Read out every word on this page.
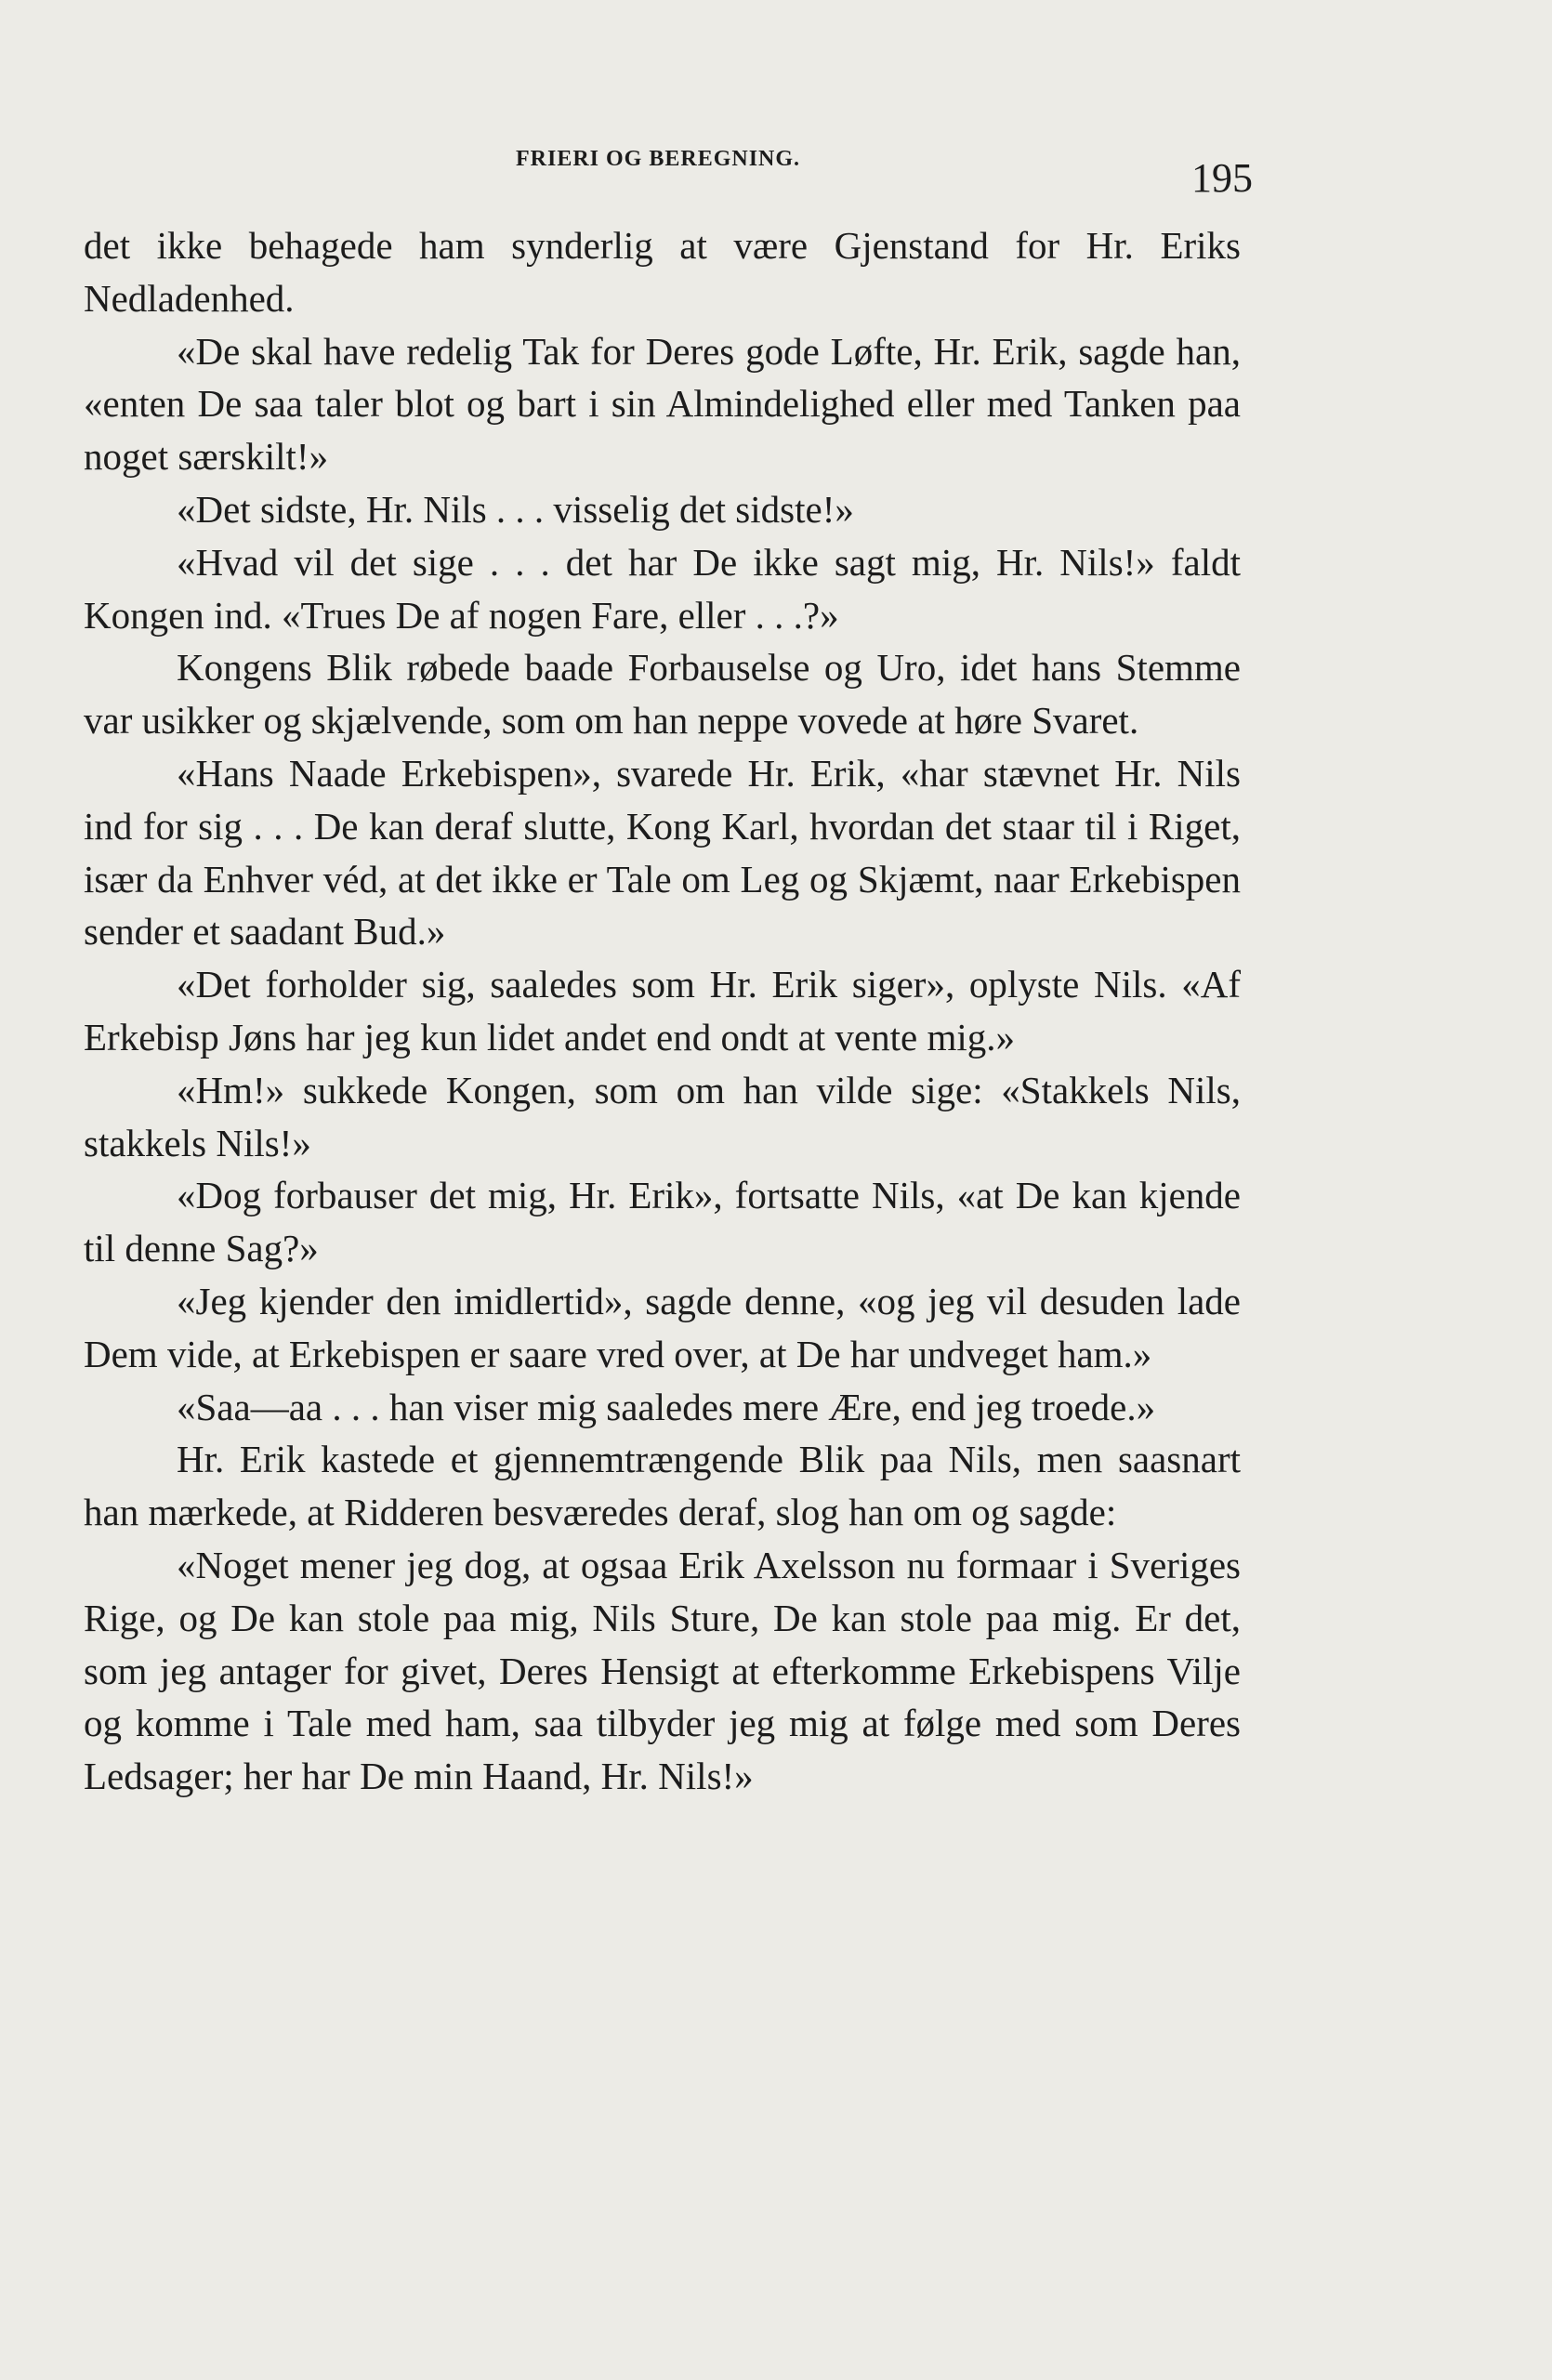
FRIERI OG BEREGNING.	195

det ikke behagede ham synderlig at være Gjenstand for Hr. Eriks Nedladenhed.

«De skal have redelig Tak for Deres gode Løfte, Hr. Erik, sagde han, «enten De saa taler blot og bart i sin Almindelighed eller med Tanken paa noget særskilt!»

«Det sidste, Hr. Nils . . . visselig det sidste!»

«Hvad vil det sige . . . det har De ikke sagt mig, Hr. Nils!» faldt Kongen ind. «Trues De af nogen Fare, eller . . .?»

Kongens Blik røbede baade Forbauselse og Uro, idet hans Stemme var usikker og skjælvende, som om han neppe vovede at høre Svaret.

«Hans Naade Erkebispen», svarede Hr. Erik, «har stævnet Hr. Nils ind for sig . . . De kan deraf slutte, Kong Karl, hvordan det staar til i Riget, især da Enhver véd, at det ikke er Tale om Leg og Skjæmt, naar Erkebispen sender et saadant Bud.»

«Det forholder sig, saaledes som Hr. Erik siger», oplyste Nils. «Af Erkebisp Jøns har jeg kun lidet andet end ondt at vente mig.»

«Hm!» sukkede Kongen, som om han vilde sige: «Stakkels Nils, stakkels Nils!»

«Dog forbauser det mig, Hr. Erik», fortsatte Nils, «at De kan kjende til denne Sag?»

«Jeg kjender den imidlertid», sagde denne, «og jeg vil desuden lade Dem vide, at Erkebispen er saare vred over, at De har undveget ham.»

«Saa—aa . . . han viser mig saaledes mere Ære, end jeg troede.»

Hr. Erik kastede et gjennemtrængende Blik paa Nils, men saasnart han mærkede, at Ridderen besværedes deraf, slog han om og sagde:

«Noget mener jeg dog, at ogsaa Erik Axelsson nu formaar i Sveriges Rige, og De kan stole paa mig, Nils Sture, De kan stole paa mig. Er det, som jeg antager for givet, Deres Hensigt at efterkomme Erkebispens Vilje og komme i Tale med ham, saa tilbyder jeg mig at følge med som Deres Ledsager; her har De min Haand, Hr. Nils!»
